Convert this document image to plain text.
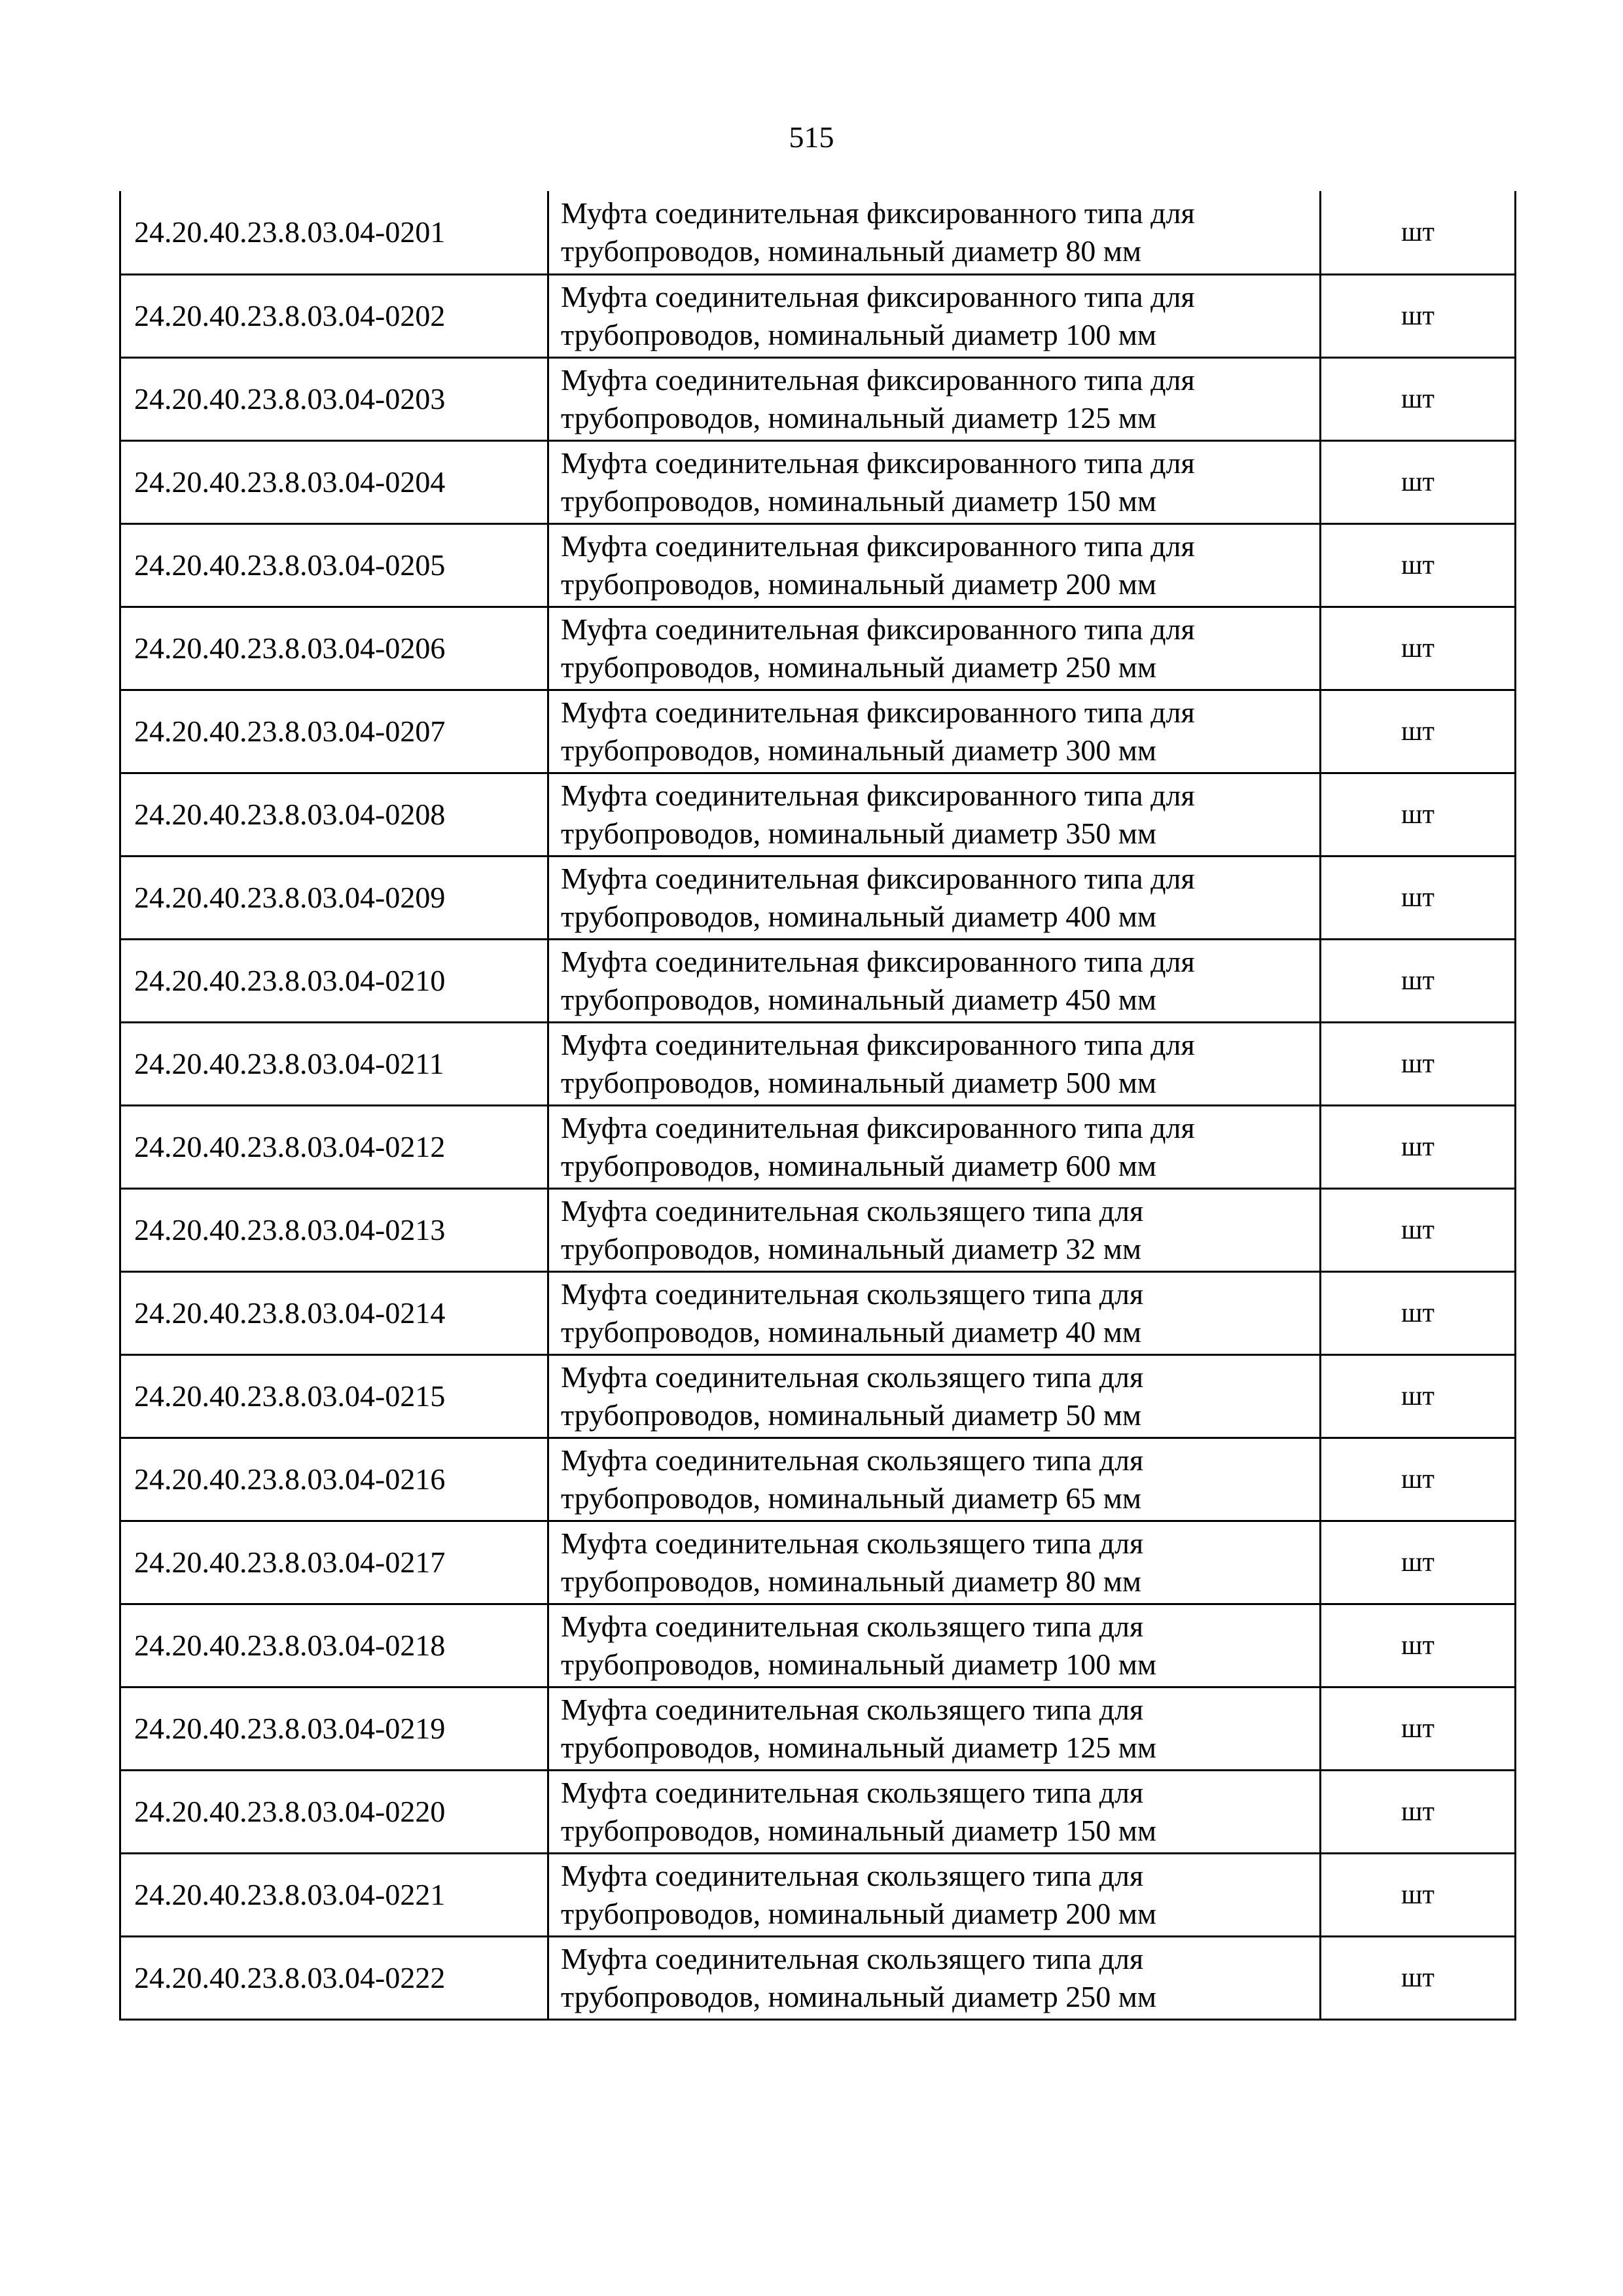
515
24.20.40.23.8.03.04-0201	Муфта соединительная фиксированного типа для
трубопроводов, номинальный диаметр 80 мм	шт
24.20.40.23.8.03.04-0202	Муфта соединительная фиксированного типа для
трубопроводов, номинальный диаметр 100 мм	шт
24.20.40.23.8.03.04-0203	Муфта соединительная фиксированного типа для
трубопроводов, номинальный диаметр 125 мм	шт
24.20.40.23.8.03.04-0204	Муфта соединительная фиксированного типа для
трубопроводов, номинальный диаметр 150 мм	шт
24.20.40.23.8.03.04-0205	Муфта соединительная фиксированного типа для
трубопроводов, номинальный диаметр 200 мм	шт
24.20.40.23.8.03.04-0206	Муфта соединительная фиксированного типа для
трубопроводов, номинальный диаметр 250 мм	шт
24.20.40.23.8.03.04-0207	Муфта соединительная фиксированного типа для
трубопроводов, номинальный диаметр 300 мм	шт
24.20.40.23.8.03.04-0208	Муфта соединительная фиксированного типа для
трубопроводов, номинальный диаметр 350 мм	шт
24.20.40.23.8.03.04-0209	Муфта соединительная фиксированного типа для
трубопроводов, номинальный диаметр 400 мм	шт
24.20.40.23.8.03.04-0210	Муфта соединительная фиксированного типа для
трубопроводов, номинальный диаметр 450 мм	шт
24.20.40.23.8.03.04-0211	Муфта соединительная фиксированного типа для
трубопроводов, номинальный диаметр 500 мм	шт
24.20.40.23.8.03.04-0212	Муфта соединительная фиксированного типа для
трубопроводов, номинальный диаметр 600 мм	шт
24.20.40.23.8.03.04-0213	Муфта соединительная скользящего типа для
трубопроводов, номинальный диаметр 32 мм	шт
24.20.40.23.8.03.04-0214	Муфта соединительная скользящего типа для
трубопроводов, номинальный диаметр 40 мм	шт
24.20.40.23.8.03.04-0215	Муфта соединительная скользящего типа для
трубопроводов, номинальный диаметр 50 мм	шт
24.20.40.23.8.03.04-0216	Муфта соединительная скользящего типа для
трубопроводов, номинальный диаметр 65 мм	шт
24.20.40.23.8.03.04-0217	Муфта соединительная скользящего типа для
трубопроводов, номинальный диаметр 80 мм	шт
24.20.40.23.8.03.04-0218	Муфта соединительная скользящего типа для
трубопроводов, номинальный диаметр 100 мм	шт
24.20.40.23.8.03.04-0219	Муфта соединительная скользящего типа для
трубопроводов, номинальный диаметр 125 мм	шт
24.20.40.23.8.03.04-0220	Муфта соединительная скользящего типа для
трубопроводов, номинальный диаметр 150 мм	шт
24.20.40.23.8.03.04-0221	Муфта соединительная скользящего типа для
трубопроводов, номинальный диаметр 200 мм	шт
24.20.40.23.8.03.04-0222	Муфта соединительная скользящего типа для
трубопроводов, номинальный диаметр 250 мм	шт
